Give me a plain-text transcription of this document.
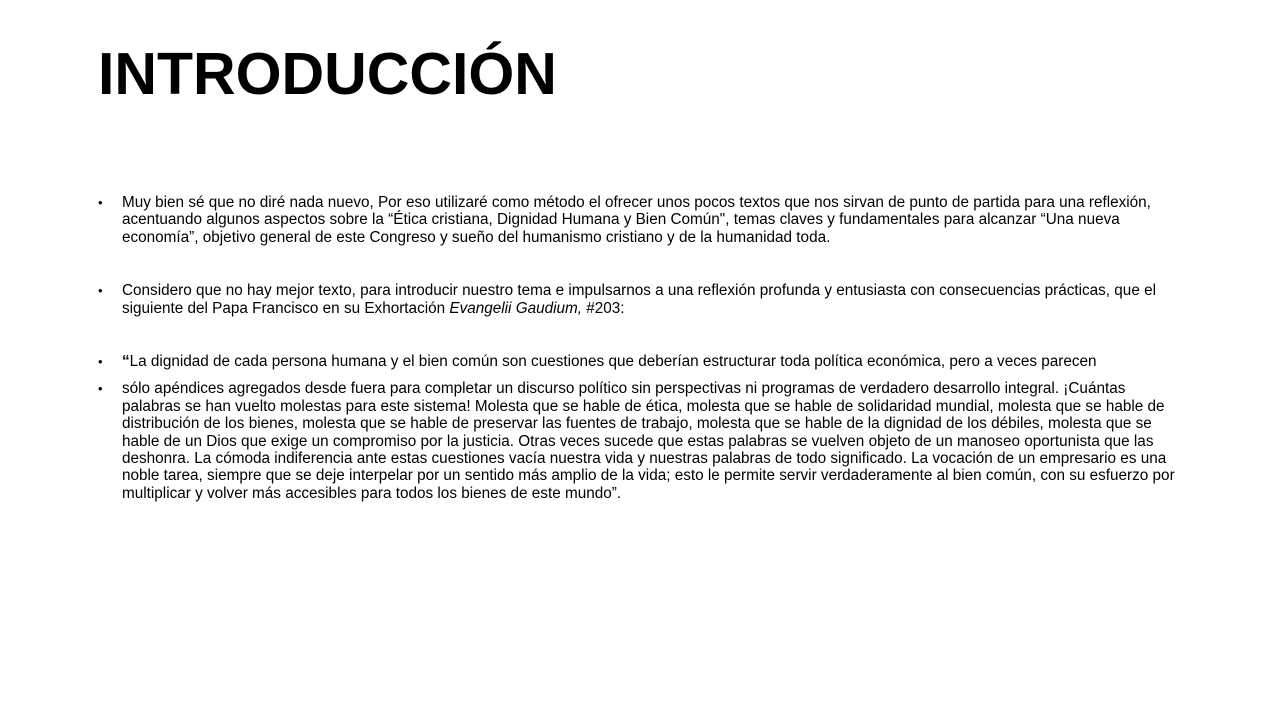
INTRODUCCIÓN
•	Muy bien sé que no diré nada nuevo, Por eso utilizaré como método el ofrecer unos pocos textos que nos sirvan de punto de partida para una reflexión, acentuando algunos aspectos sobre la “Ética cristiana, Dignidad Humana y Bien Común", temas claves y fundamentales para alcanzar “Una nueva economía”, objetivo general de este Congreso y sueño del humanismo cristiano y de la humanidad toda.
•	Considero que no hay mejor texto, para introducir nuestro tema e impulsarnos a una reflexión profunda y entusiasta con consecuencias prácticas, que el siguiente del Papa Francisco en su Exhortación Evangelii Gaudium, #203:
•	“La dignidad de cada persona humana y el bien común son cuestiones que deberían estructurar toda política económica, pero a veces parecen
•	sólo apéndices agregados desde fuera para completar un discurso político sin perspectivas ni programas de verdadero desarrollo integral. ¡Cuántas palabras se han vuelto molestas para este sistema! Molesta que se hable de ética, molesta que se hable de solidaridad mundial, molesta que se hable de distribución de los bienes, molesta que se hable de preservar las fuentes de trabajo, molesta que se hable de la dignidad de los débiles, molesta que se hable de un Dios que exige un compromiso por la justicia. Otras veces sucede que estas palabras se vuelven objeto de un manoseo oportunista que las deshonra. La cómoda indiferencia ante estas cuestiones vacía nuestra vida y nuestras palabras de todo significado. La vocación de un empresario es una noble tarea, siempre que se deje interpelar por un sentido más amplio de la vida; esto le permite servir verdaderamente al bien común, con su esfuerzo por multiplicar y volver más accesibles para todos los bienes de este mundo”.
